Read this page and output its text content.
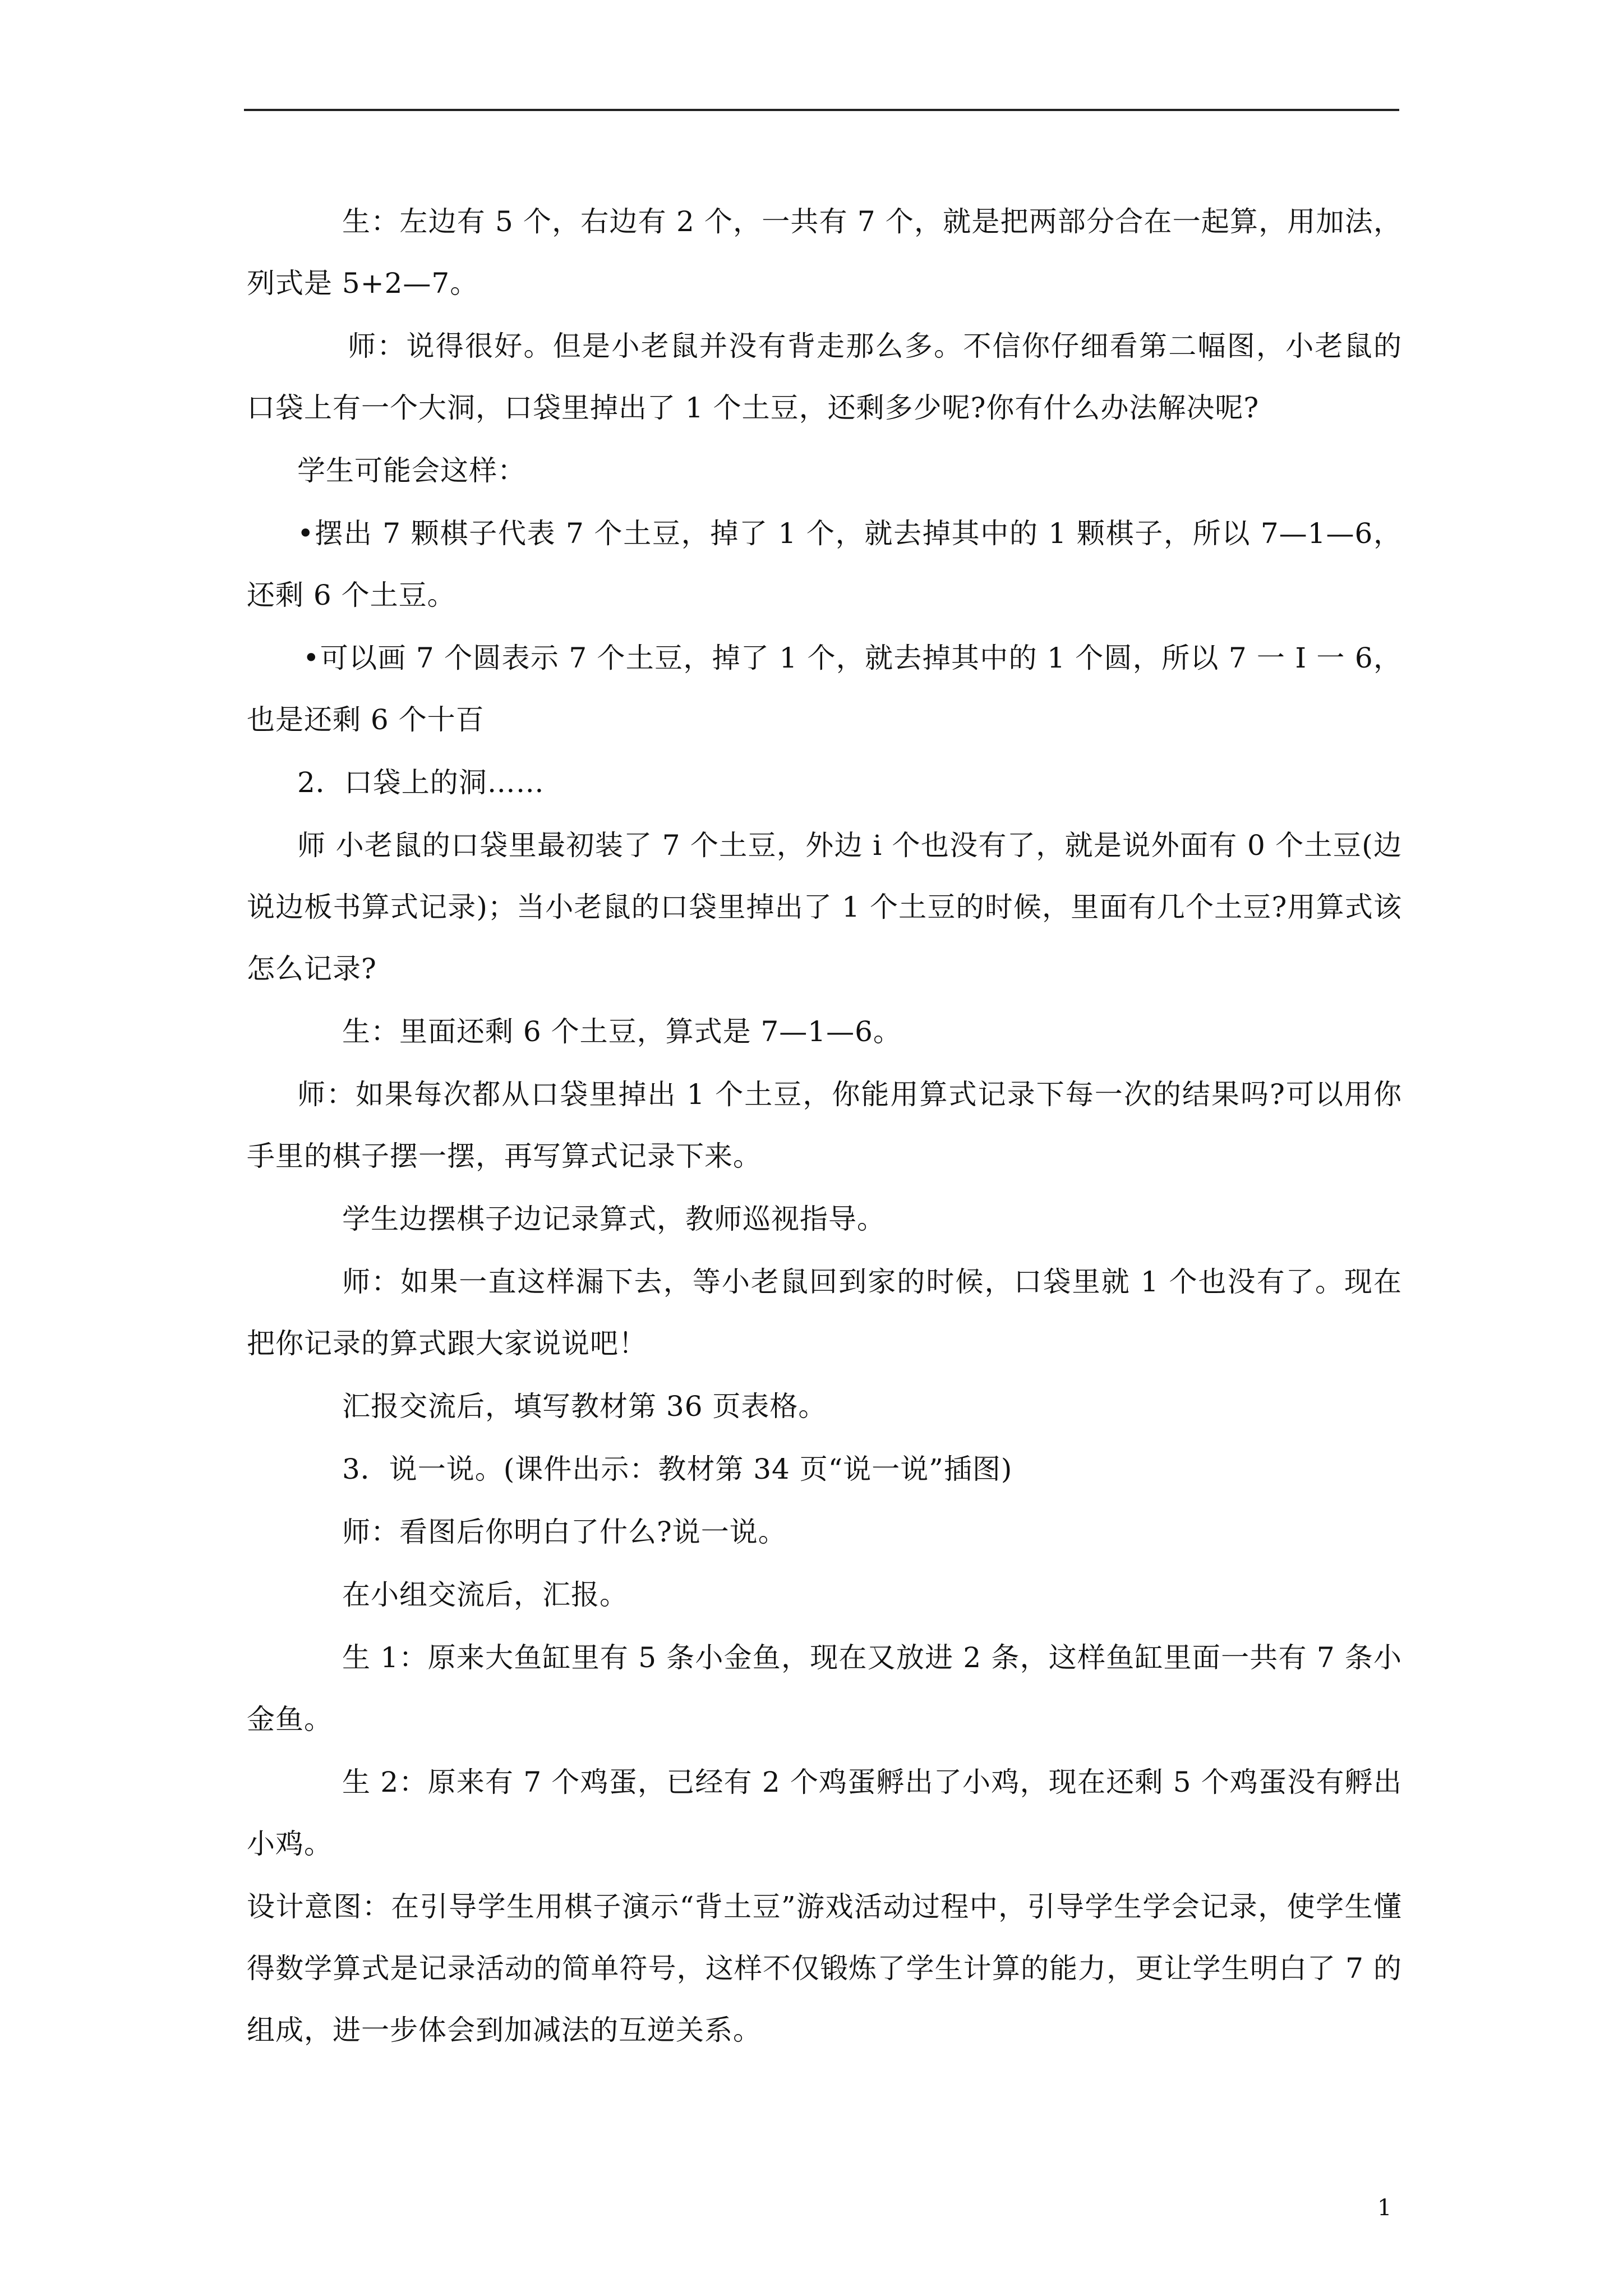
生：左边有 5 个，右边有 2 个，一共有 7 个，就是把两部分合在一起算，用加法，列式是 5+2—7。

师：说得很好。但是小老鼠并没有背走那么多。不信你仔细看第二幅图，小老鼠的口袋上有一个大洞，口袋里掉出了 1 个土豆，还剩多少呢?你有什么办法解决呢?

学生可能会这样：

•摆出 7 颗棋子代表 7 个土豆，掉了 1 个，就去掉其中的 1 颗棋子，所以 7—1—6，还剩 6 个土豆。

•可以画 7 个圆表示 7 个土豆，掉了 1 个，就去掉其中的 1 个圆，所以 7 一 I 一 6，也是还剩 6 个十百

2．口袋上的洞……

师 小老鼠的口袋里最初装了 7 个土豆，外边 i 个也没有了，就是说外面有 0 个土豆(边说边板书算式记录)；当小老鼠的口袋里掉出了 1 个土豆的时候，里面有几个土豆?用算式该怎么记录?

生：里面还剩 6 个土豆，算式是 7—1—6。

师：如果每次都从口袋里掉出 1 个土豆，你能用算式记录下每一次的结果吗?可以用你手里的棋子摆一摆，再写算式记录下来。

学生边摆棋子边记录算式，教师巡视指导。

师：如果一直这样漏下去，等小老鼠回到家的时候，口袋里就 1 个也没有了。现在把你记录的算式跟大家说说吧！

汇报交流后，填写教材第 36 页表格。

3．说一说。(课件出示：教材第 34 页“说一说”插图)

师：看图后你明白了什么?说一说。

在小组交流后，汇报。

生 1：原来大鱼缸里有 5 条小金鱼，现在又放进 2 条，这样鱼缸里面一共有 7 条小金鱼。

生 2：原来有 7 个鸡蛋，已经有 2 个鸡蛋孵出了小鸡，现在还剩 5 个鸡蛋没有孵出小鸡。

设计意图：在引导学生用棋子演示“背土豆”游戏活动过程中，引导学生学会记录，使学生懂得数学算式是记录活动的简单符号，这样不仅锻炼了学生计算的能力，更让学生明白了 7 的组成，进一步体会到加减法的互逆关系。

1
